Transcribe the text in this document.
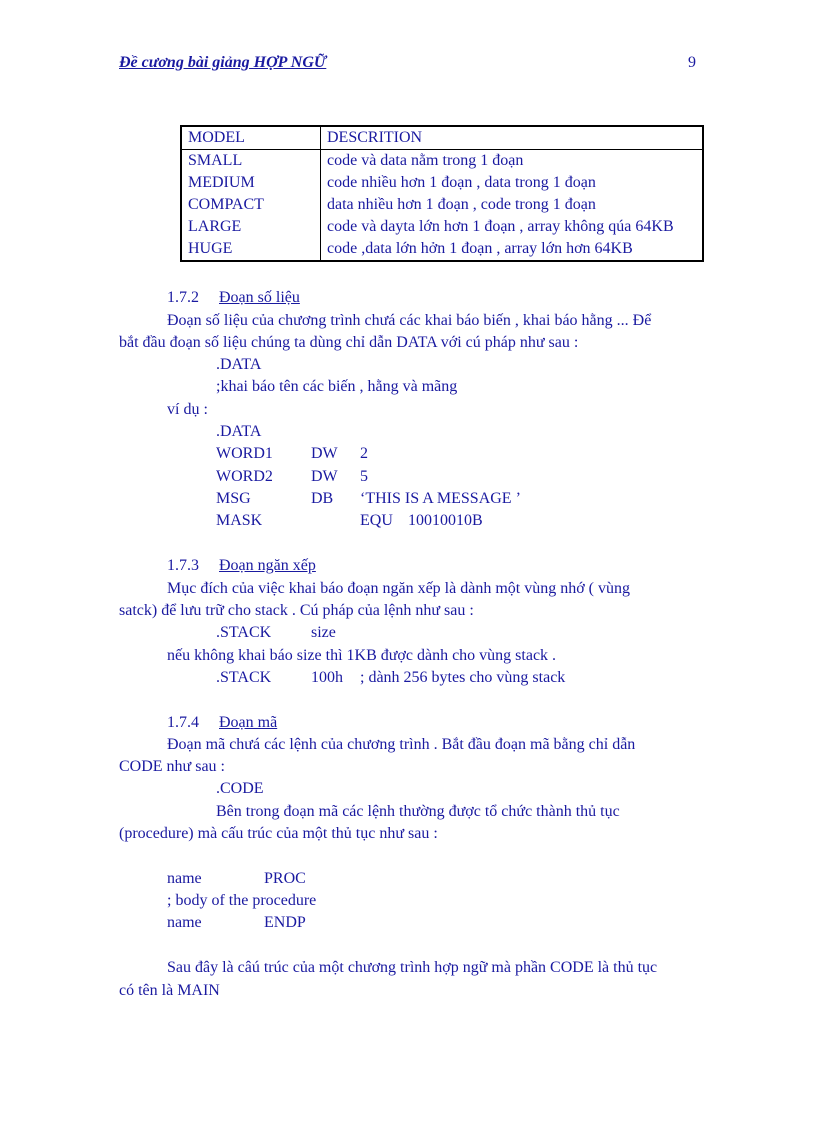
Đề cương bài giảng HỢP NGỮ	9
MODEL	DESCRITION
SMALL	code và data nằm trong 1 đoạn
MEDIUM	code nhiều hơn 1 đoạn , data trong 1 đoạn
COMPACT	data nhiều hơn 1 đoạn , code trong 1 đoạn
LARGE	code và dayta lớn hơn 1 đoạn , array không qúa 64KB
HUGE	code ,data lớn hởn 1 đoạn , array lớn hơn 64KB
1.7.2 Đoạn số liệu
Đoạn số liệu của chương trình chưá các khai báo biến , khai báo hằng ... Để
bắt đầu đoạn số liệu chúng ta dùng chỉ dẫn DATA với cú pháp như sau :
.DATA
;khai báo tên các biến , hằng và mãng
ví dụ :
.DATA
WORD1 DW 2
WORD2 DW 5
MSG	DB ‘THIS IS A MESSAGE ’
MASK	EQU 10010010B
1.7.3 Đoạn ngăn xếp
Mục đích của việc khai báo đoạn ngăn xếp là dành một vùng nhớ ( vùng
satck) để lưu trữ cho stack . Cú pháp của lệnh như sau :
.STACK size
nếu không khai báo size thì 1KB được dành cho vùng stack .
.STACK 100h ; dành 256 bytes cho vùng stack
1.7.4 Đoạn mã
Đoạn mã chưá các lệnh của chương trình . Bắt đầu đoạn mã bằng chỉ dẫn
CODE như sau :
.CODE
Bên trong đoạn mã các lệnh thường được tổ chức thành thủ tục
(procedure) mà cấu trúc của một thủ tục như sau :
name	PROC
; body of the procedure
name	ENDP
Sau đây là câú trúc của một chương trình hợp ngữ mà phần CODE là thủ tục
có tên là MAIN
